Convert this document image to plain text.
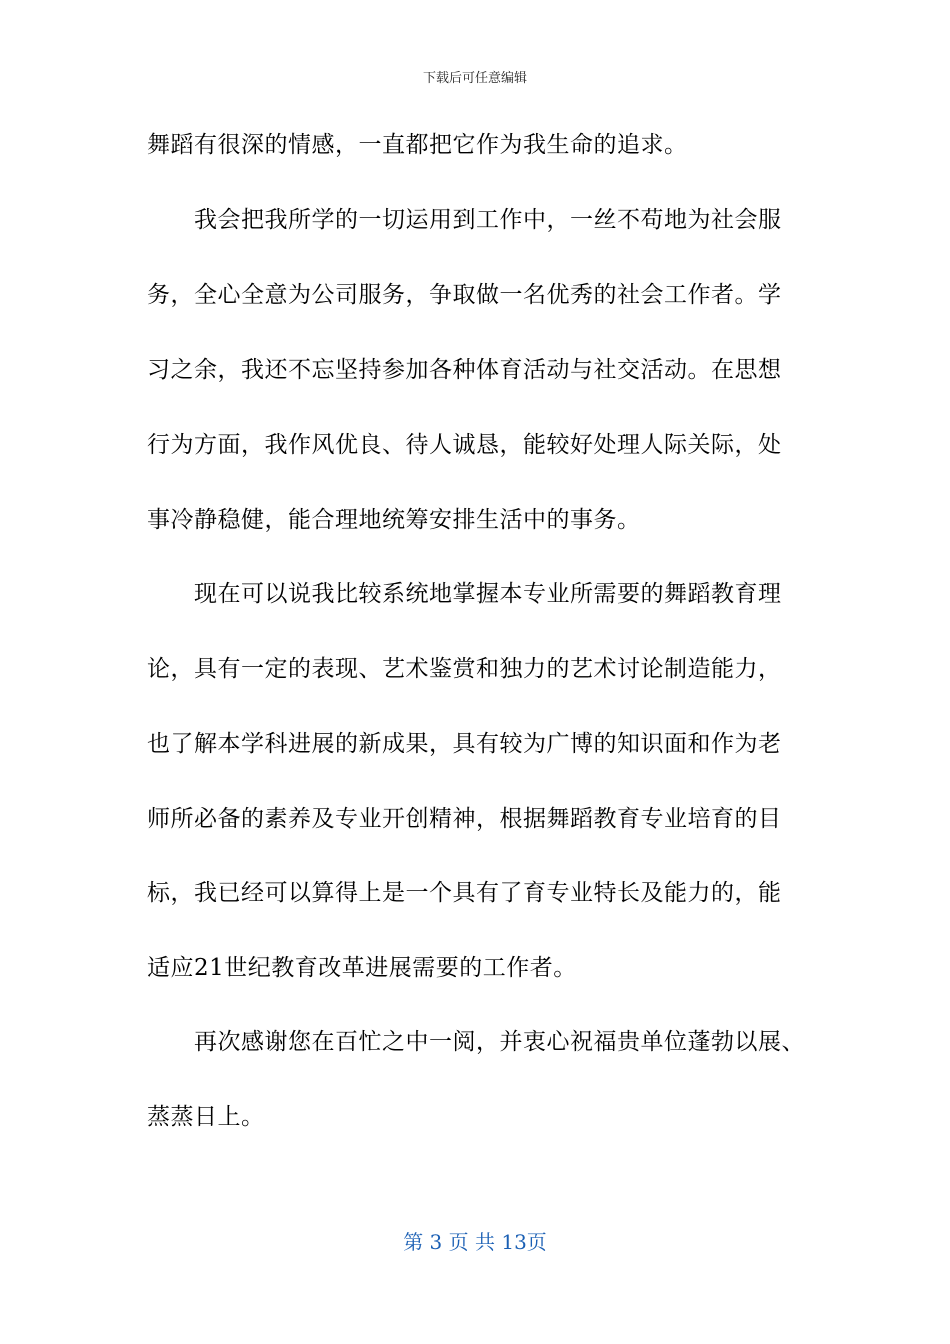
下载后可任意编辑
舞蹈有很深的情感，一直都把它作为我生命的追求。
我会把我所学的一切运用到工作中，一丝不苟地为社会服
务，全心全意为公司服务，争取做一名优秀的社会工作者。学
习之余，我还不忘坚持参加各种体育活动与社交活动。在思想
行为方面，我作风优良、待人诚恳，能较好处理人际关际，处
事冷静稳健，能合理地统筹安排生活中的事务。
现在可以说我比较系统地掌握本专业所需要的舞蹈教育理
论，具有一定的表现、艺术鉴赏和独力的艺术讨论制造能力，
也了解本学科进展的新成果，具有较为广博的知识面和作为老
师所必备的素养及专业开创精神，根据舞蹈教育专业培育的目
标，我已经可以算得上是一个具有了育专业特长及能力的，能
适应21世纪教育改革进展需要的工作者。
再次感谢您在百忙之中一阅，并衷心祝福贵单位蓬勃以展、
蒸蒸日上。
第 3 页 共 13页
